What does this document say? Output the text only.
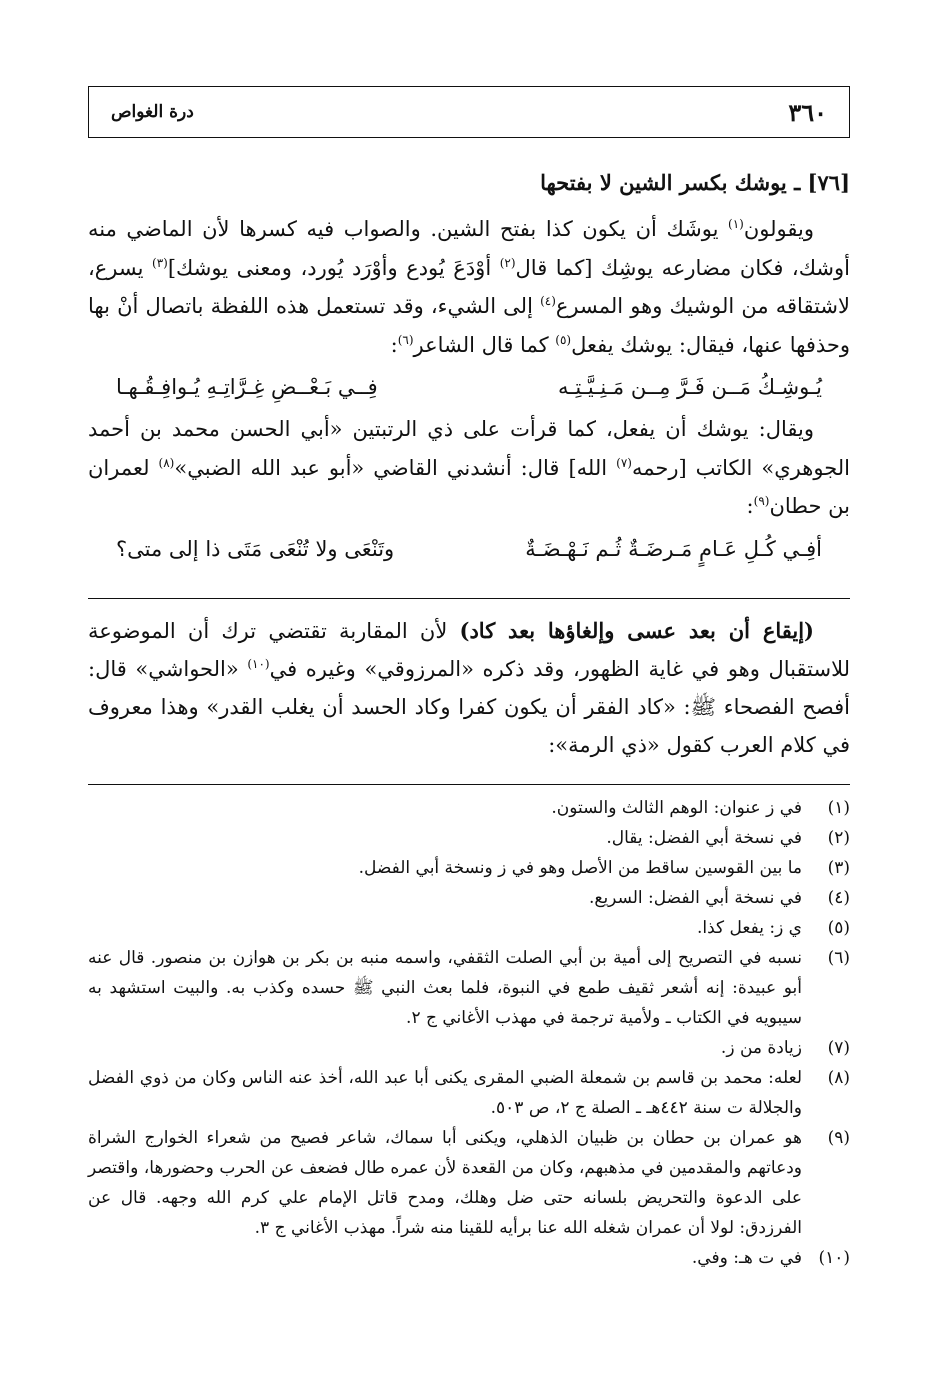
٣٦٠
درة الغواص
[٧٦] ـ يوشك بكسر الشين لا بفتحها

ويقولون$^{(١)}$ يوشَك أن يكون كذا بفتح الشين. والصواب فيه كسرها لأن الماضي منه أوشك، فكان مضارعه يوشِك [كما قال$^{(٢)}$ أوْدَعَ يُودع وأوْرَد يُورد، ومعنى يوشك]$^{(٣)}$ يسرع، لاشتقاقه من الوشيك وهو المسرع$^{(٤)}$ إلى الشيء، وقد تستعمل هذه اللفظة باتصال أنْ بها وحذفها عنها، فيقال: يوشك يفعل$^{(٥)}$ كما قال الشاعر$^{(٦)}$:

يُـوشِـكُ مَــن فَـرَّ مِــن مَـنِـيَّـتِـه
فِــي بَـعْــضِ غِـرَّاتِـهِ يُـوافِـقُـهـا

ويقال: يوشك أن يفعل، كما قرأت على ذي الرتبتين «أبي الحسن محمد بن أحمد الجوهري» الكاتب [رحمه$^{(٧)}$ الله] قال: أنشدني القاضي «أبو عبد الله الضبي»$^{(٨)}$ لعمران بن حطان$^{(٩)}$:

أفِـي كُـلِ عَـامٍ مَـرضَـةٌ ثُـم نَـهْـضَـةٌ
وتَنْعَى ولا تُنْعَى مَتَى ذا إلى متى؟

(إيقاع أن بعد عسى وإلغاؤها بعد كاد) لأن المقاربة تقتضي ترك أن الموضوعة للاستقبال وهو في غاية الظهور، وقد ذكره «المرزوقي» وغيره في$^{(١٠)}$ «الحواشي» قال: أفصح الفصحاء ﷺ: «كاد الفقر أن يكون كفرا وكاد الحسد أن يغلب القدر» وهذا معروف في كلام العرب كقول «ذي الرمة»:

(١)
في ز عنوان: الوهم الثالث والستون.
(٢)
في نسخة أبي الفضل: يقال.
(٣)
ما بين القوسين ساقط من الأصل وهو في ز ونسخة أبي الفضل.
(٤)
في نسخة أبي الفضل: السريع.
(٥)
ي ز: يفعل كذا.
(٦)
نسبه في التصريح إلى أمية بن أبي الصلت الثقفي، واسمه منبه بن بكر بن هوازن بن منصور. قال عنه أبو عبيدة: إنه أشعر ثقيف طمع في النبوة، فلما بعث النبي ﷺ حسده وكذب به. والبيت استشهد به سيبويه في الكتاب ـ ولأمية ترجمة في مهذب الأغاني ج ٢.
(٧)
زيادة من ز.
(٨)
لعله: محمد بن قاسم بن شمعلة الضبي المقرى يكنى أبا عبد الله، أخذ عنه الناس وكان من ذوي الفضل والجلالة ت سنة ٤٤٢هـ ـ الصلة ج ٢، ص ٥٠٣.
(٩)
هو عمران بن حطان بن ظبيان الذهلي، ويكنى أبا سماك، شاعر فصيح من شعراء الخوارج الشراة ودعاتهم والمقدمين في مذهبهم، وكان من القعدة لأن عمره طال فضعف عن الحرب وحضورها، واقتصر على الدعوة والتحريض بلسانه حتى ضل وهلك، ومدح قاتل الإمام علي كرم الله وجهه. قال عن الفرزدق: لولا أن عمران شغله الله عنا برأيه للقينا منه شراً. مهذب الأغاني ج ٣.
(١٠)
في ت هـ: وفي.
